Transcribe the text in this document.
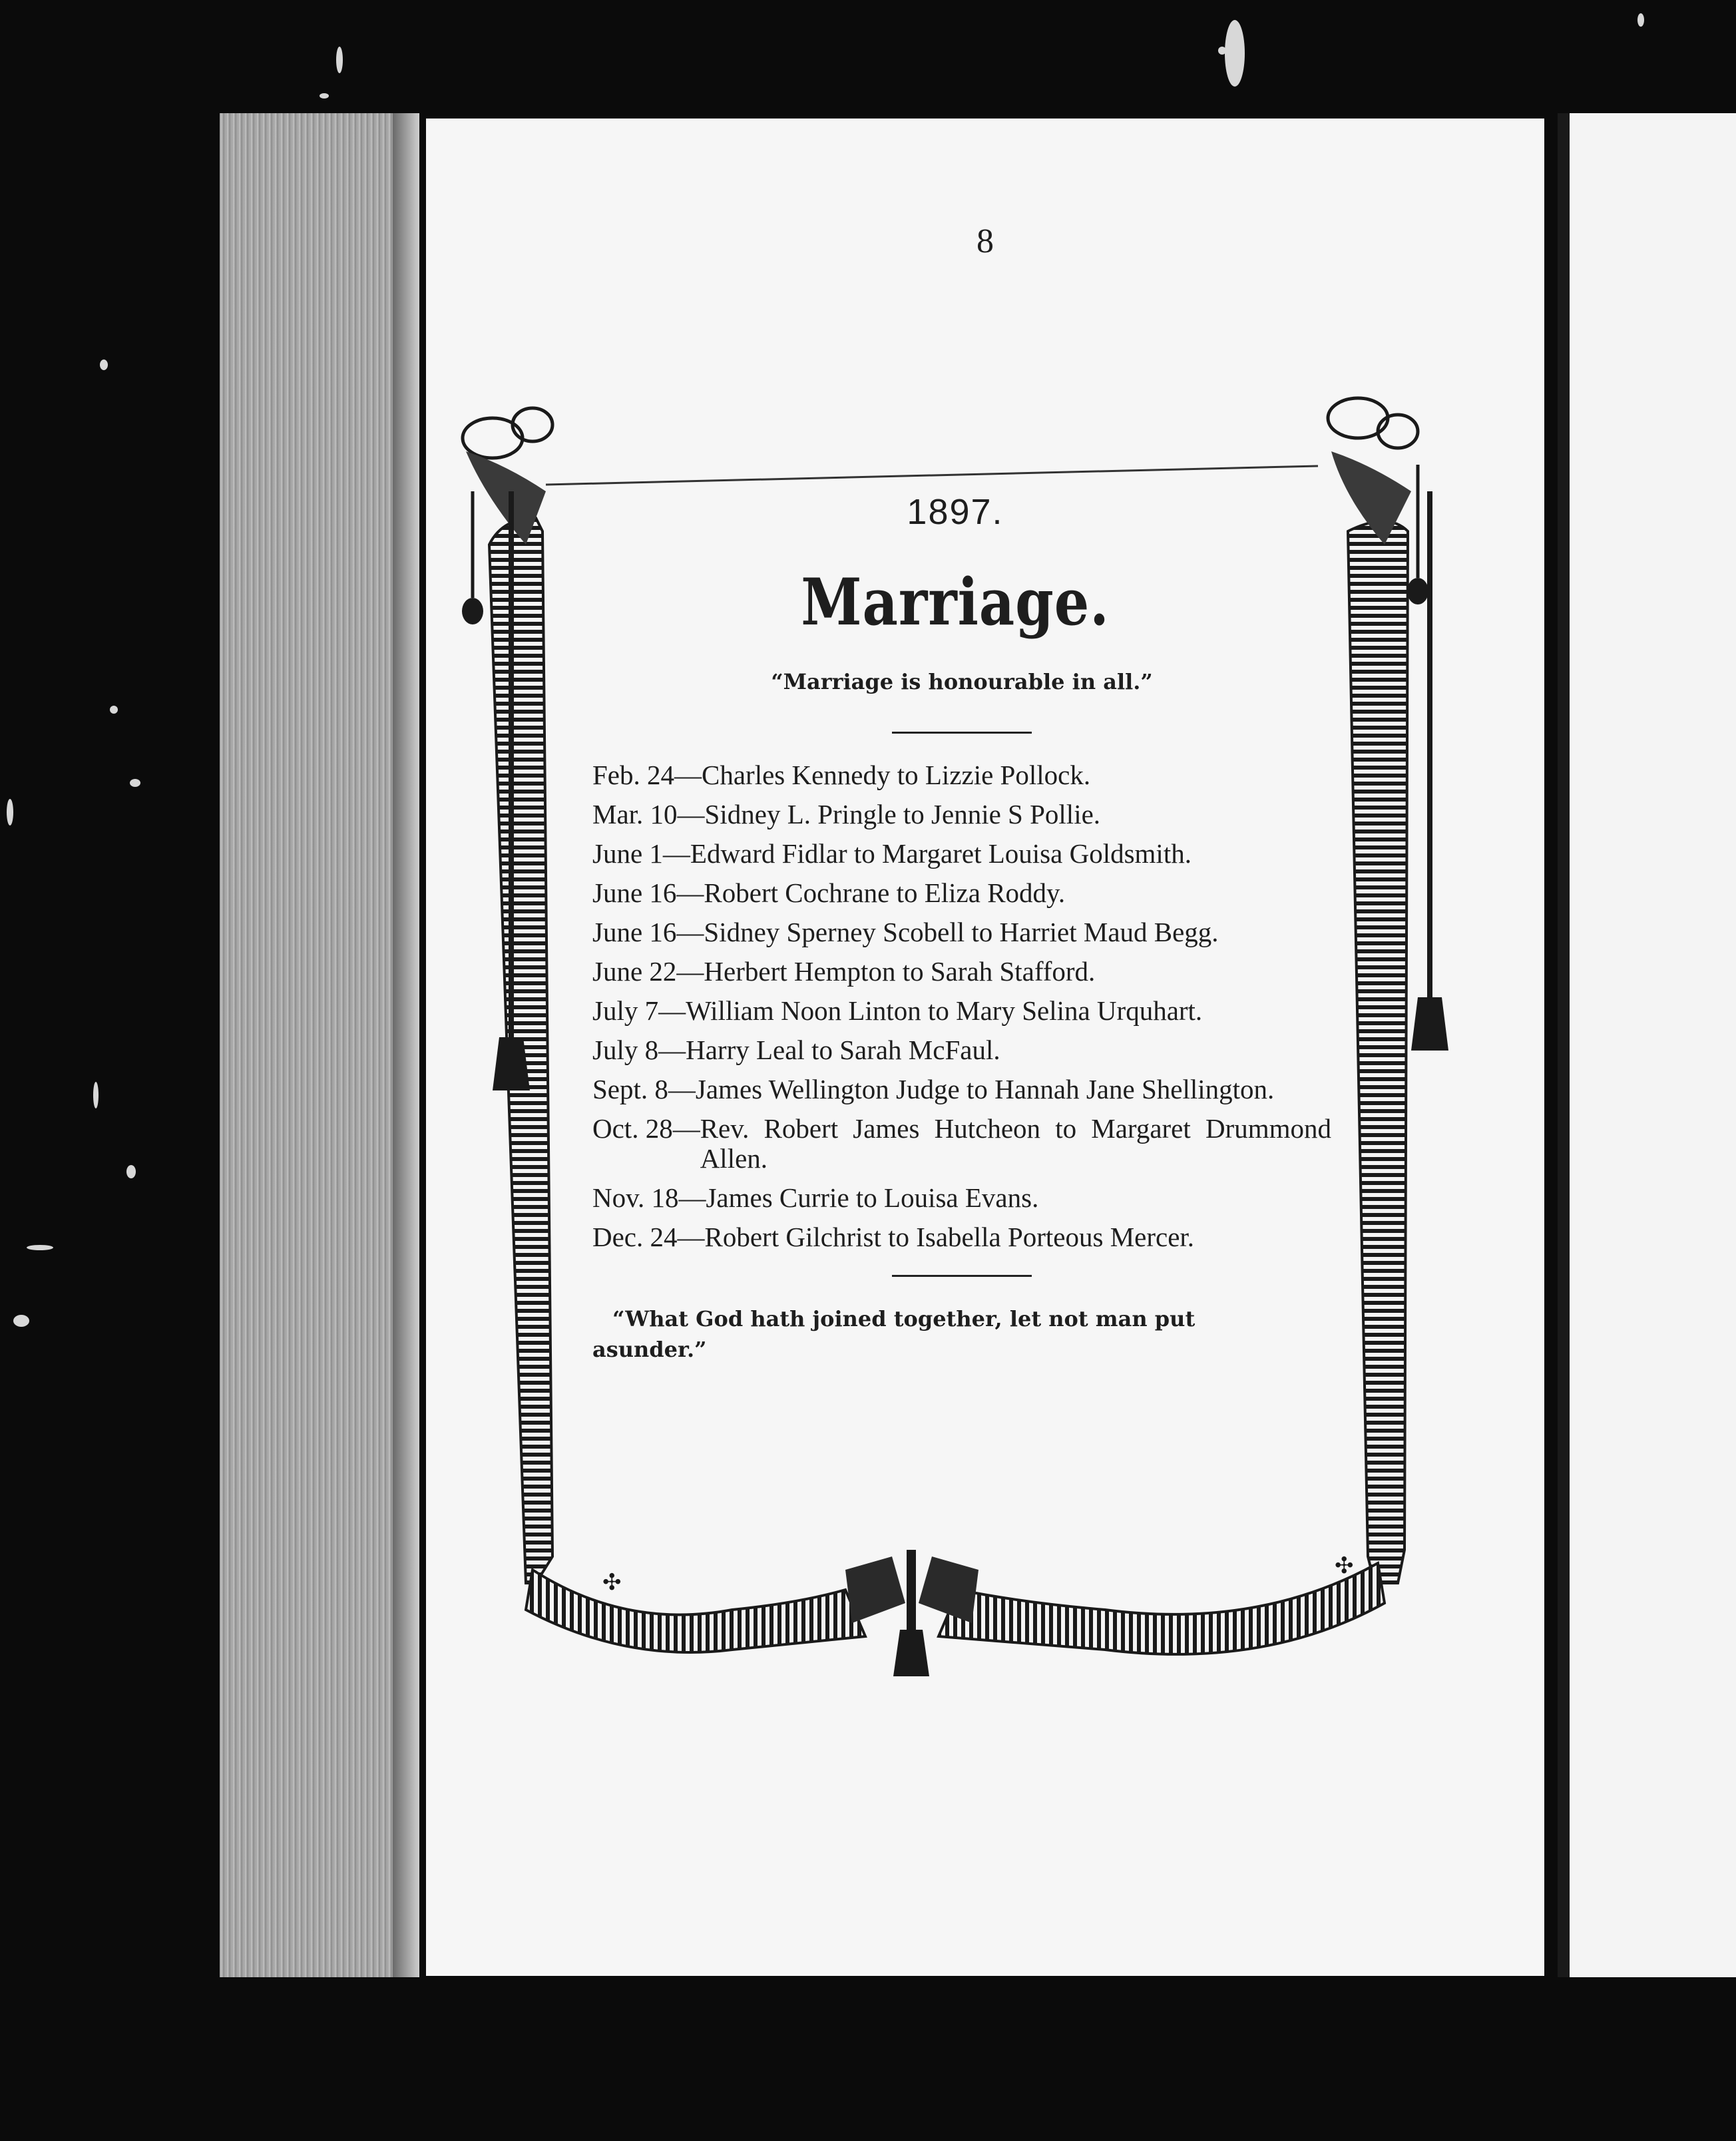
8
✣
✣
1897.
Marriage.
“Marriage is honourable in all.”
Feb. 24— Charles Kennedy to Lizzie Pollock.
Mar. 10— Sidney L. Pringle to Jennie S Pollie.
June 1— Edward Fidlar to Margaret Louisa Goldsmith.
June 16— Robert Cochrane to Eliza Roddy.
June 16— Sidney Sperney Scobell to Harriet Maud Begg.
June 22— Herbert Hempton to Sarah Stafford.
July 7— William Noon Linton to Mary Selina Urquhart.
July 8— Harry Leal to Sarah McFaul.
Sept. 8— James Wellington Judge to Hannah Jane Shellington.
Oct. 28— Rev. Robert James Hutcheon to Margaret Drummond Allen.
Nov. 18— James Currie to Louisa Evans.
Dec. 24— Robert Gilchrist to Isabella Porteous Mercer.
“What God hath joined together, let not man put asunder.”
